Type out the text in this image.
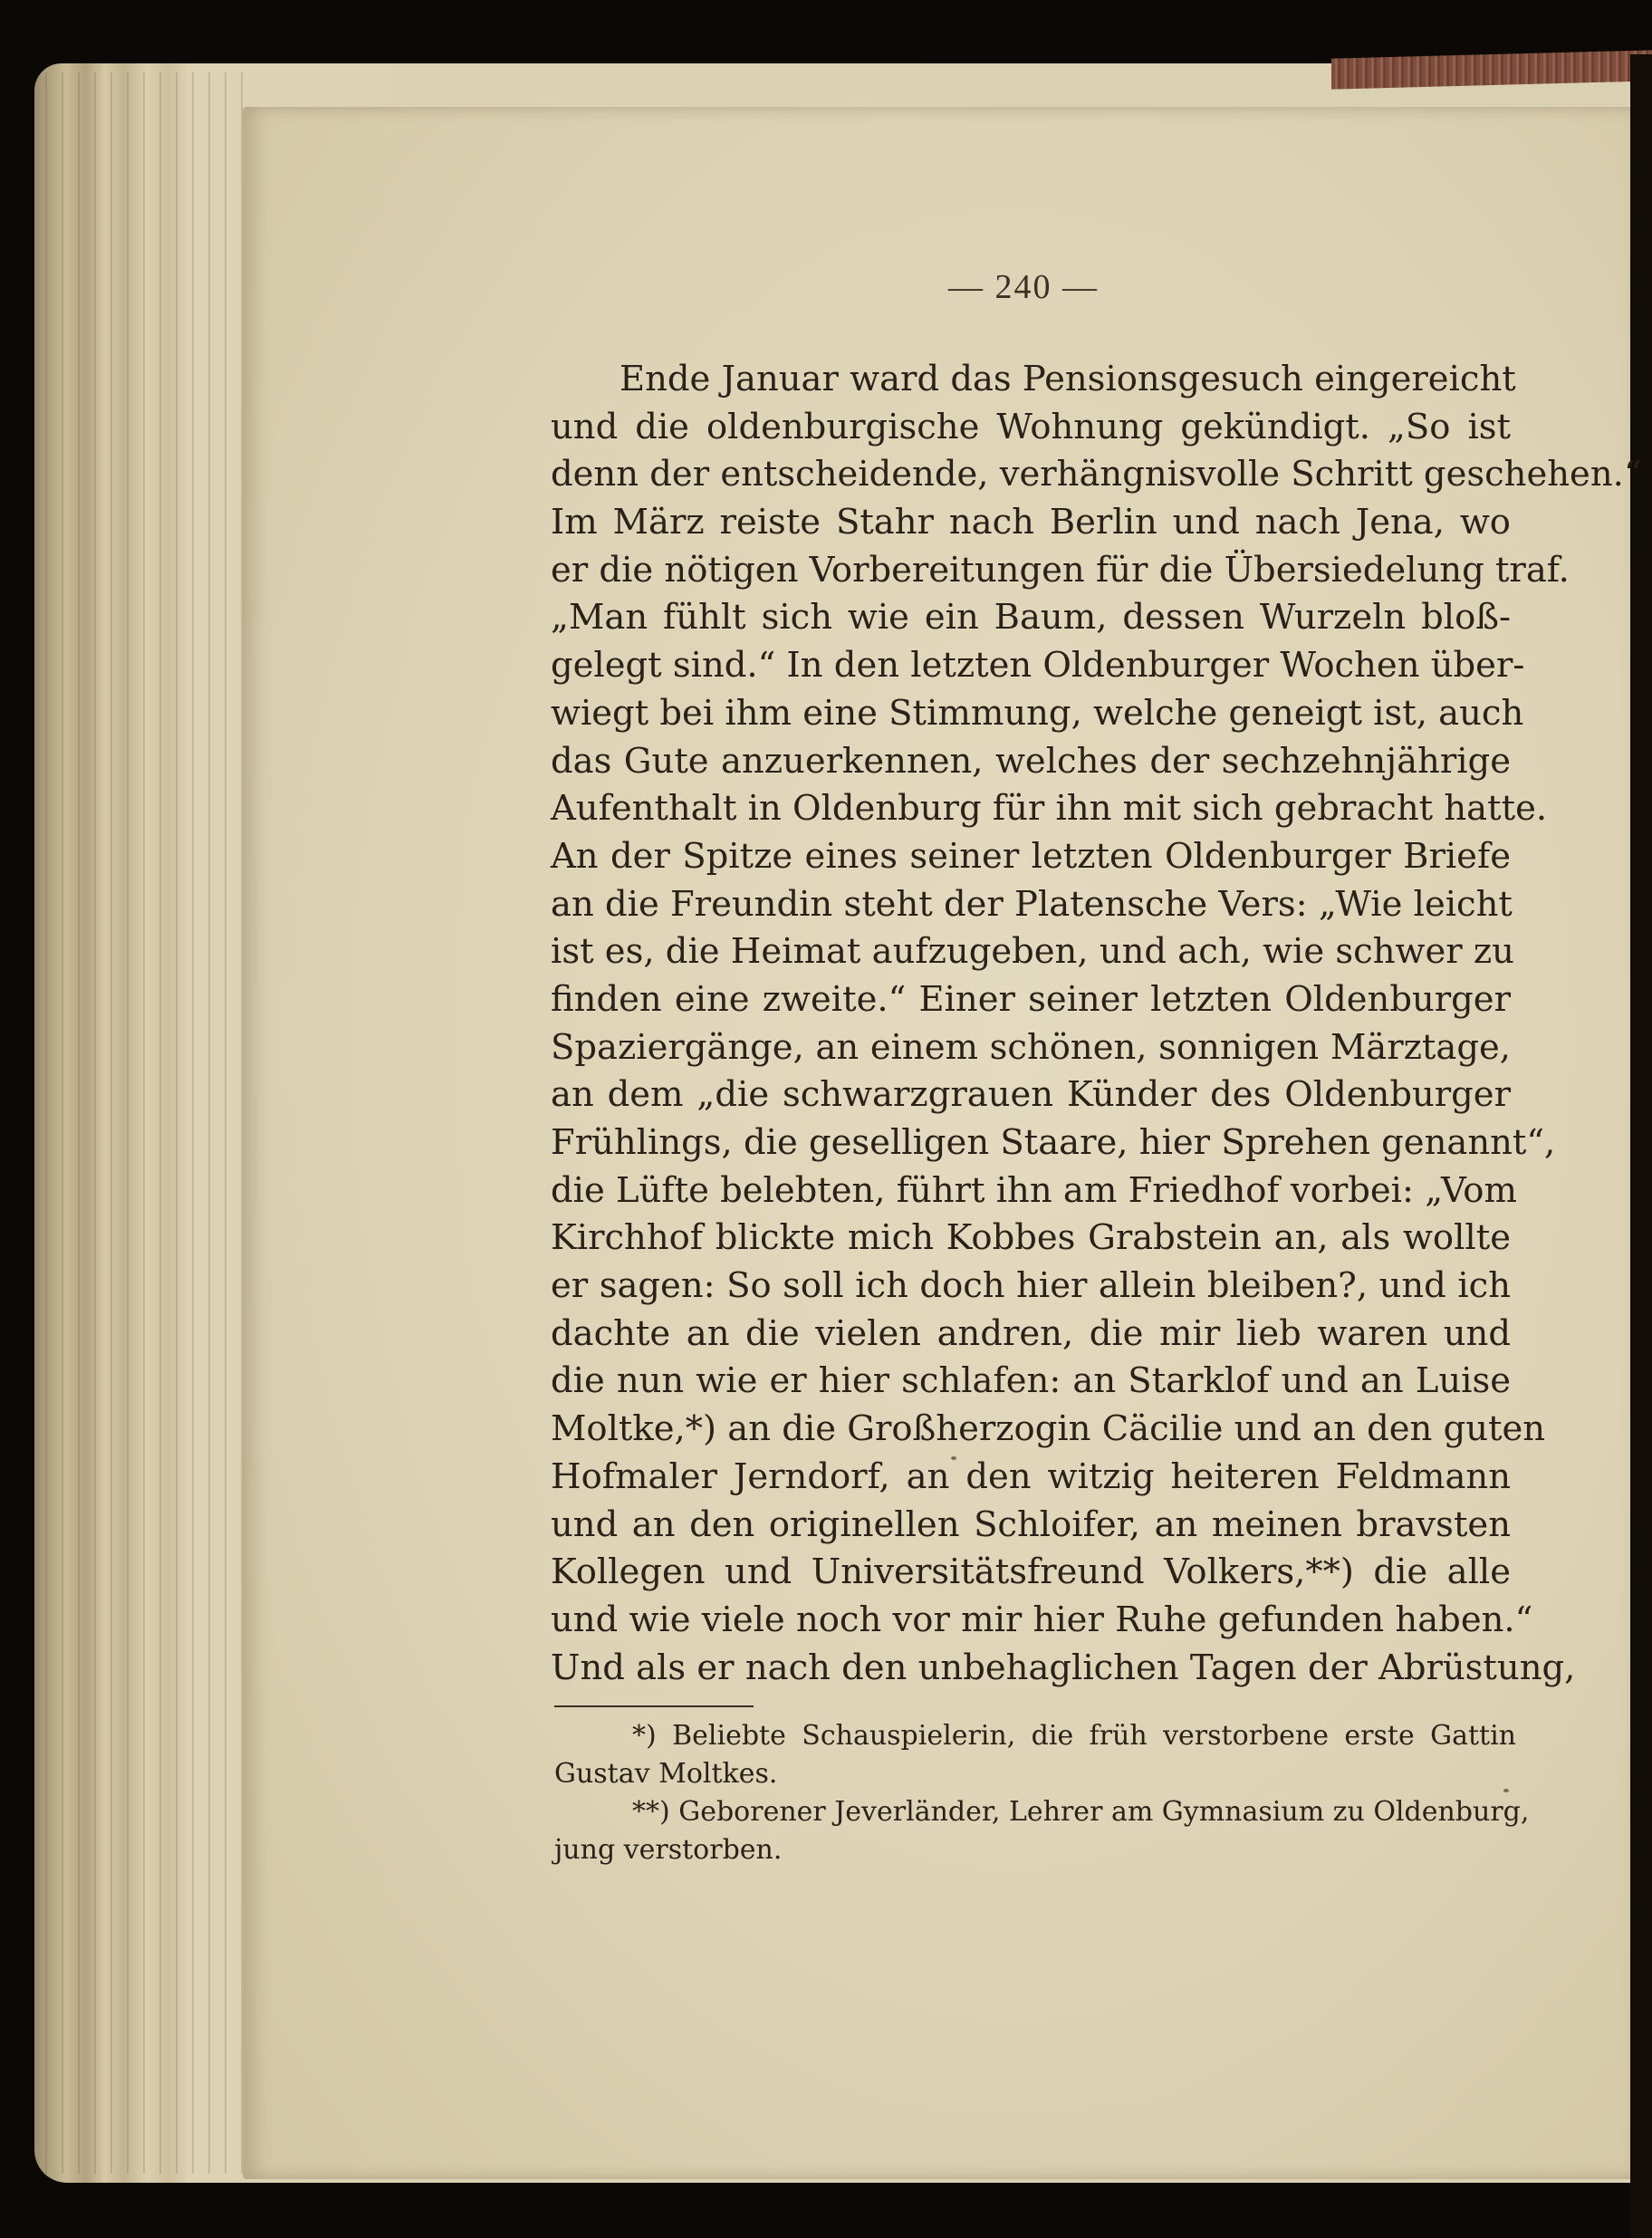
— 240 —
Ende Januar ward das Pensionsgesuch eingereicht
und die oldenburgische Wohnung gekündigt. „So ist
denn der entscheidende, verhängnisvolle Schritt geschehen.“
Im März reiste Stahr nach Berlin und nach Jena, wo
er die nötigen Vorbereitungen für die Übersiedelung traf.
„Man fühlt sich wie ein Baum, dessen Wurzeln bloß-
gelegt sind.“ In den letzten Oldenburger Wochen über-
wiegt bei ihm eine Stimmung, welche geneigt ist, auch
das Gute anzuerkennen, welches der sechzehnjährige
Aufenthalt in Oldenburg für ihn mit sich gebracht hatte.
An der Spitze eines seiner letzten Oldenburger Briefe
an die Freundin steht der Platensche Vers: „Wie leicht
ist es, die Heimat aufzugeben, und ach, wie schwer zu
finden eine zweite.“ Einer seiner letzten Oldenburger
Spaziergänge, an einem schönen, sonnigen Märztage,
an dem „die schwarzgrauen Künder des Oldenburger
Frühlings, die geselligen Staare, hier Sprehen genannt“,
die Lüfte belebten, führt ihn am Friedhof vorbei: „Vom
Kirchhof blickte mich Kobbes Grabstein an, als wollte
er sagen: So soll ich doch hier allein bleiben?, und ich
dachte an die vielen andren, die mir lieb waren und
die nun wie er hier schlafen: an Starklof und an Luise
Moltke,*) an die Großherzogin Cäcilie und an den guten
Hofmaler Jerndorf, an den witzig heiteren Feldmann
und an den originellen Schloifer, an meinen bravsten
Kollegen und Universitätsfreund Volkers,**) die alle
und wie viele noch vor mir hier Ruhe gefunden haben.“
Und als er nach den unbehaglichen Tagen der Abrüstung,
*) Beliebte Schauspielerin, die früh verstorbene erste Gattin
Gustav Moltkes.
**) Geborener Jeverländer, Lehrer am Gymnasium zu Oldenburg,
jung verstorben.
